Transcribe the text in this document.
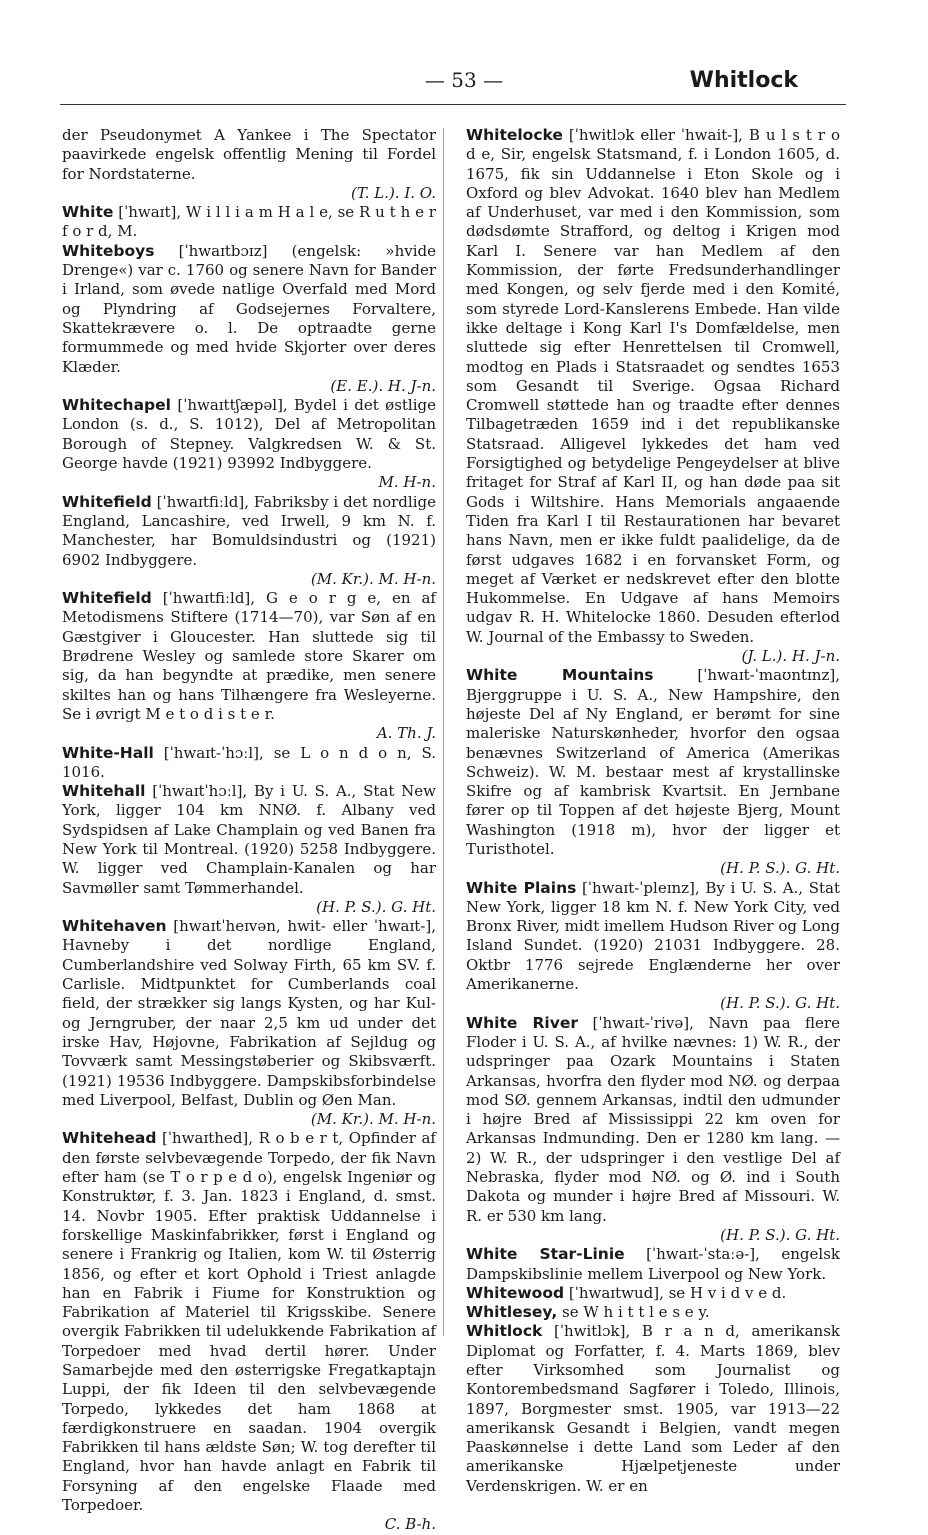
— 53 —	Whitlock
der Pseudonymet A Yankee i The Spectator paavirkede engelsk offentlig Mening til Fordel for Nordstaterne.
(T. L.). I. O.
White [ˈhwaɪt], W i l l i a m H a l e, se R u t h e r f o r d, M.
Whiteboys [ˈhwaɪtbɔɪz] (engelsk: »hvide Drenge«) var c. 1760 og senere Navn for Bander i Irland, som øvede natlige Overfald med Mord og Plyndring af Godsejernes Forvaltere, Skattekrævere o. l. De optraadte gerne formummede og med hvide Skjorter over deres Klæder.
(E. E.). H. J-n.
Whitechapel [ˈhwaɪttʃæpəl], Bydel i det østlige London (s. d., S. 1012), Del af Metropolitan Borough of Stepney. Valgkredsen W. & St. George havde (1921) 93992 Indbyggere.
M. H-n.
Whitefield [ˈhwaɪtfiːld], Fabriksby i det nordlige England, Lancashire, ved Irwell, 9 km N. f. Manchester, har Bomuldsindustri og (1921) 6902 Indbyggere.
(M. Kr.). M. H-n.
Whitefield [ˈhwaɪtfiːld], G e o r g e, en af Metodismens Stiftere (1714—70), var Søn af en Gæstgiver i Gloucester. Han sluttede sig til Brødrene Wesley og samlede store Skarer om sig, da han begyndte at prædike, men senere skiltes han og hans Tilhængere fra Wesleyerne. Se i øvrigt M e t o d i s t e r.
A. Th. J.
White-Hall [ˈhwaɪt-ˈhɔːl], se L o n d o n, S. 1016.
Whitehall [ˈhwaɪtˈhɔːl], By i U. S. A., Stat New York, ligger 104 km NNØ. f. Albany ved Sydspidsen af Lake Champlain og ved Banen fra New York til Montreal. (1920) 5258 Indbyggere. W. ligger ved Champlain-Kanalen og har Savmøller samt Tømmerhandel.
(H. P. S.). G. Ht.
Whitehaven [hwaɪtˈheɪvən, hwit- eller ˈhwaɪt-], Havneby i det nordlige England, Cumberlandshire ved Solway Firth, 65 km SV. f. Carlisle. Midtpunktet for Cumberlands coal field, der strækker sig langs Kysten, og har Kul- og Jerngruber, der naar 2,5 km ud under det irske Hav, Højovne, Fabrikation af Sejldug og Tovværk samt Messingstøberier og Skibsværft. (1921) 19536 Indbyggere. Dampskibsforbindelse med Liverpool, Belfast, Dublin og Øen Man.
(M. Kr.). M. H-n.
Whitehead [ˈhwaɪthed], R o b e r t, Opfinder af den første selvbevægende Torpedo, der fik Navn efter ham (se T o r p e d o), engelsk Ingeniør og Konstruktør, f. 3. Jan. 1823 i England, d. smst. 14. Novbr 1905. Efter praktisk Uddannelse i forskellige Maskinfabrikker, først i England og senere i Frankrig og Italien, kom W. til Østerrig 1856, og efter et kort Ophold i Triest anlagde han en Fabrik i Fiume for Konstruktion og Fabrikation af Materiel til Krigsskibe. Senere overgik Fabrikken til udelukkende Fabrikation af Torpedoer med hvad dertil hører. Under Samarbejde med den østerrigske Fregatkaptajn Luppi, der fik Ideen til den selvbevægende Torpedo, lykkedes det ham 1868 at færdigkonstruere en saadan. 1904 overgik Fabrikken til hans ældste Søn; W. tog derefter til England, hvor han havde anlagt en Fabrik til Forsyning af den engelske Flaade med Torpedoer.
C. B-h.
Whitelocke [ˈhwitlɔk eller ˈhwait-], B u l s t r o d e, Sir, engelsk Statsmand, f. i London 1605, d. 1675, fik sin Uddannelse i Eton Skole og i Oxford og blev Advokat. 1640 blev han Medlem af Underhuset, var med i den Kommission, som dødsdømte Strafford, og deltog i Krigen mod Karl I. Senere var han Medlem af den Kommission, der førte Fredsunderhandlinger med Kongen, og selv fjerde med i den Komité, som styrede Lord-Kanslerens Embede. Han vilde ikke deltage i Kong Karl I's Domfældelse, men sluttede sig efter Henrettelsen til Cromwell, modtog en Plads i Statsraadet og sendtes 1653 som Gesandt til Sverige. Ogsaa Richard Cromwell støttede han og traadte efter dennes Tilbagetræden 1659 ind i det republikanske Statsraad. Alligevel lykkedes det ham ved Forsigtighed og betydelige Pengeydelser at blive fritaget for Straf af Karl II, og han døde paa sit Gods i Wiltshire. Hans Memorials angaaende Tiden fra Karl I til Restaurationen har bevaret hans Navn, men er ikke fuldt paalidelige, da de først udgaves 1682 i en forvansket Form, og meget af Værket er nedskrevet efter den blotte Hukommelse. En Udgave af hans Memoirs udgav R. H. Whitelocke 1860. Desuden efterlod W. Journal of the Embassy to Sweden.
(J. L.). H. J-n.
White Mountains	[ˈhwaɪt-ˈmaʊntɪnz], Bjerggruppe i U. S. A., New Hampshire, den højeste Del af Ny England, er berømt for sine maleriske Naturskønheder, hvorfor den ogsaa benævnes Switzerland of America (Amerikas Schweiz). W. M. bestaar mest af krystallinske Skifre og af kambrisk Kvartsit. En Jernbane fører op til Toppen af det højeste Bjerg, Mount Washington (1918 m), hvor der ligger et Turisthotel.
(H. P. S.). G. Ht.
White Plains [ˈhwaɪt-ˈpleɪnz], By i U. S. A., Stat New York, ligger 18 km N. f. New York City, ved Bronx River, midt imellem Hudson River og Long Island Sundet. (1920) 21031 Indbyggere. 28. Oktbr 1776 sejrede Englænderne her over Amerikanerne.
(H. P. S.). G. Ht.
White River [ˈhwaɪt-ˈrivə], Navn paa flere Floder i U. S. A., af hvilke nævnes: 1) W. R., der udspringer paa Ozark Mountains i Staten Arkansas, hvorfra den flyder mod NØ. og derpaa mod SØ. gennem Arkansas, indtil den udmunder i højre Bred af Mississippi 22 km oven for Arkansas Indmunding. Den er 1280 km lang. — 2) W. R., der udspringer i den vestlige Del af Nebraska, flyder mod NØ. og Ø. ind i South Dakota og munder i højre Bred af Missouri. W. R. er 530 km lang.
(H. P. S.). G. Ht.
White Star-Linie [ˈhwaɪt-ˈstaːə-], engelsk Dampskibslinie mellem Liverpool og New York.
Whitewood [ˈhwaɪtwud], se H v i d v e d.
Whitlesey, se W h i t t l e s e y.
Whitlock [ˈhwitlɔk], B r a n d, amerikansk Diplomat og Forfatter, f. 4. Marts 1869, blev efter Virksomhed som Journalist og Kontorembedsmand Sagfører i Toledo, Illinois, 1897, Borgmester smst. 1905, var 1913—22 amerikansk Gesandt i Belgien, vandt megen Paaskønnelse i dette Land som Leder af den amerikanske Hjælpetjeneste under Verdenskrigen. W. er en
